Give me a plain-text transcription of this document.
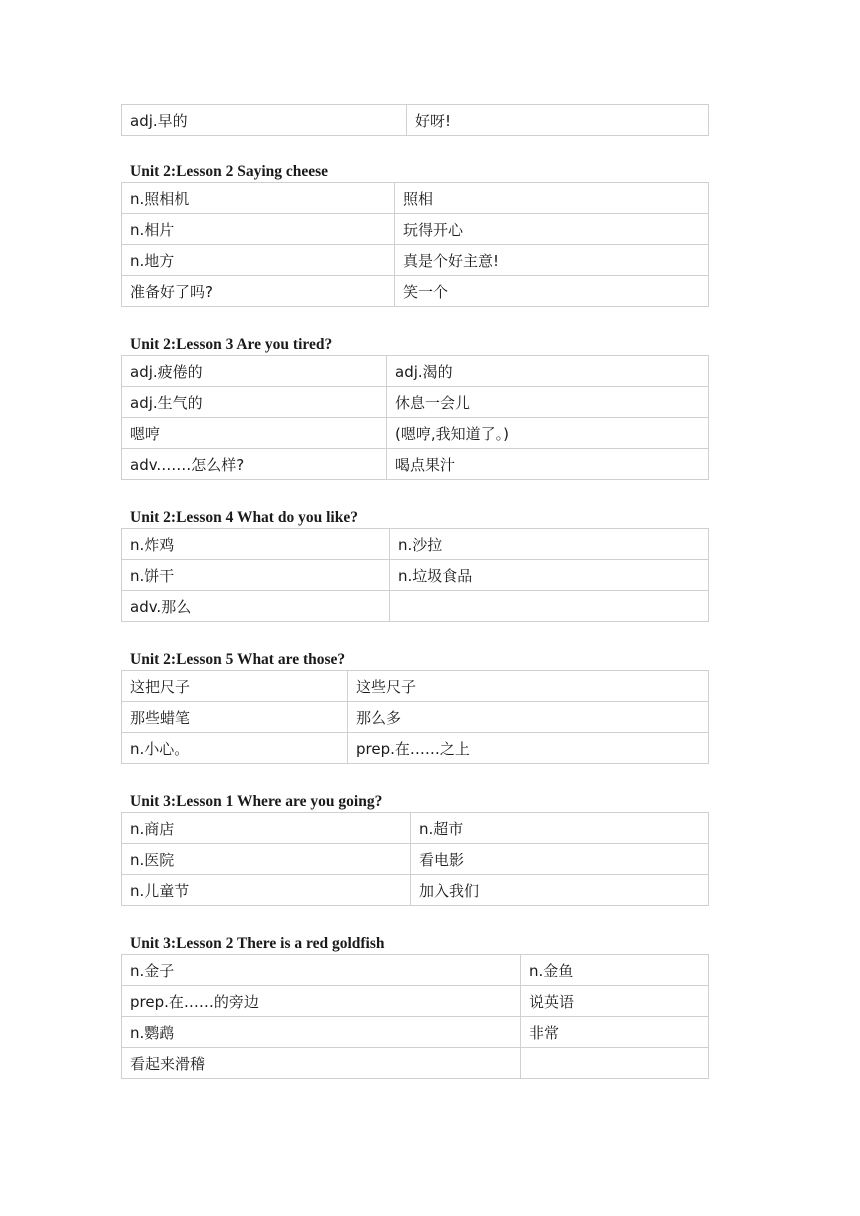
adj.早的	好呀!
Unit 2:Lesson 2 Saying cheese
n.照相机	照相
n.相片	玩得开心
n.地方	真是个好主意!
准备好了吗?	笑一个
Unit 2:Lesson 3 Are you tired?
adj.疲倦的	adj.渴的
adj.生气的	休息一会儿
嗯哼	(嗯哼,我知道了。)
adv.……怎么样?	喝点果汁
Unit 2:Lesson 4 What do you like?
n.炸鸡	n.沙拉
n.饼干	n.垃圾食品
adv.那么	
Unit 2:Lesson 5 What are those?
这把尺子	这些尺子
那些蜡笔	那么多
n.小心。	prep.在……之上
Unit 3:Lesson 1 Where are you going?
n.商店	n.超市
n.医院	看电影
n.儿童节	加入我们
Unit 3:Lesson 2 There is a red goldfish
n.金子	n.金鱼
prep.在……的旁边	说英语
n.鹦鹉	非常
看起来滑稽	
